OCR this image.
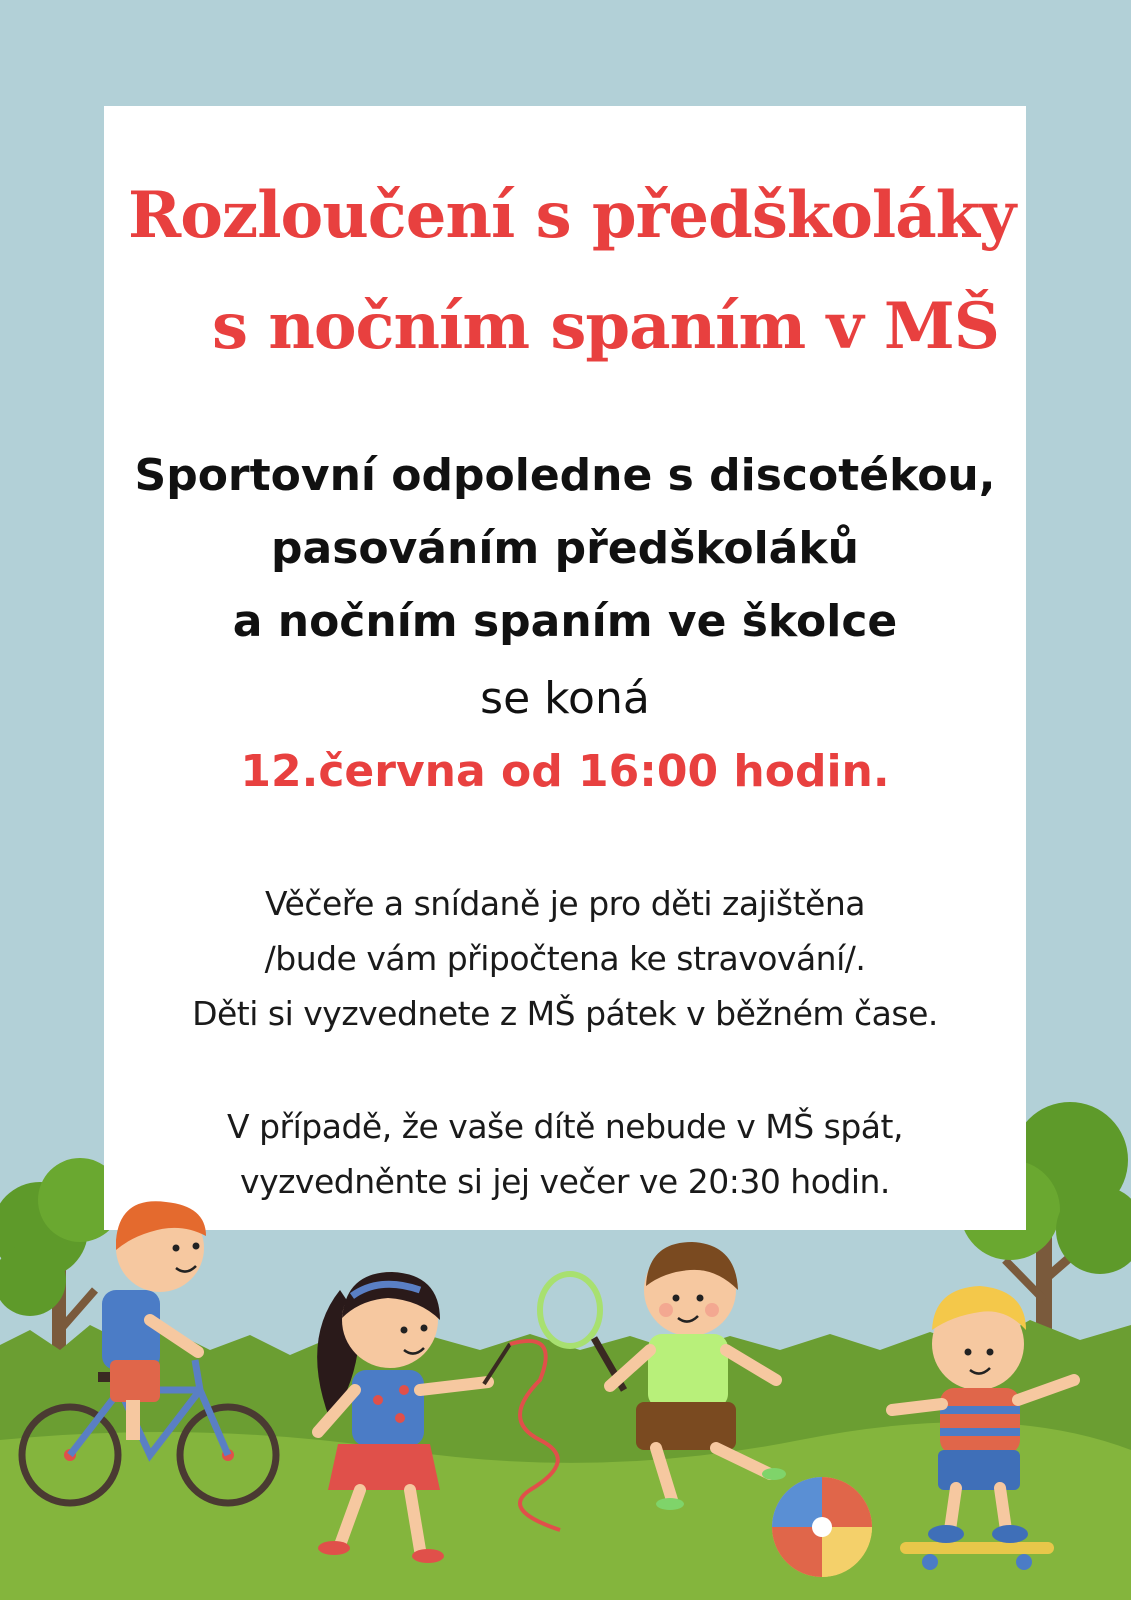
Rozloučení s předškoláky
s nočním spaním v MŠ

Sportovní odpoledne s discotékou,

pasováním předškoláků

a nočním spaním ve školce

se koná

12.června od 16:00 hodin.

Věčeře a snídaně je pro děti zajištěna

/bude vám připočtena ke stravování/.

Děti si vyzvednete z MŠ pátek v běžném čase.

V případě, že vaše dítě nebude v MŠ spát,

vyzvedněnte si jej večer ve 20:30 hodin.
